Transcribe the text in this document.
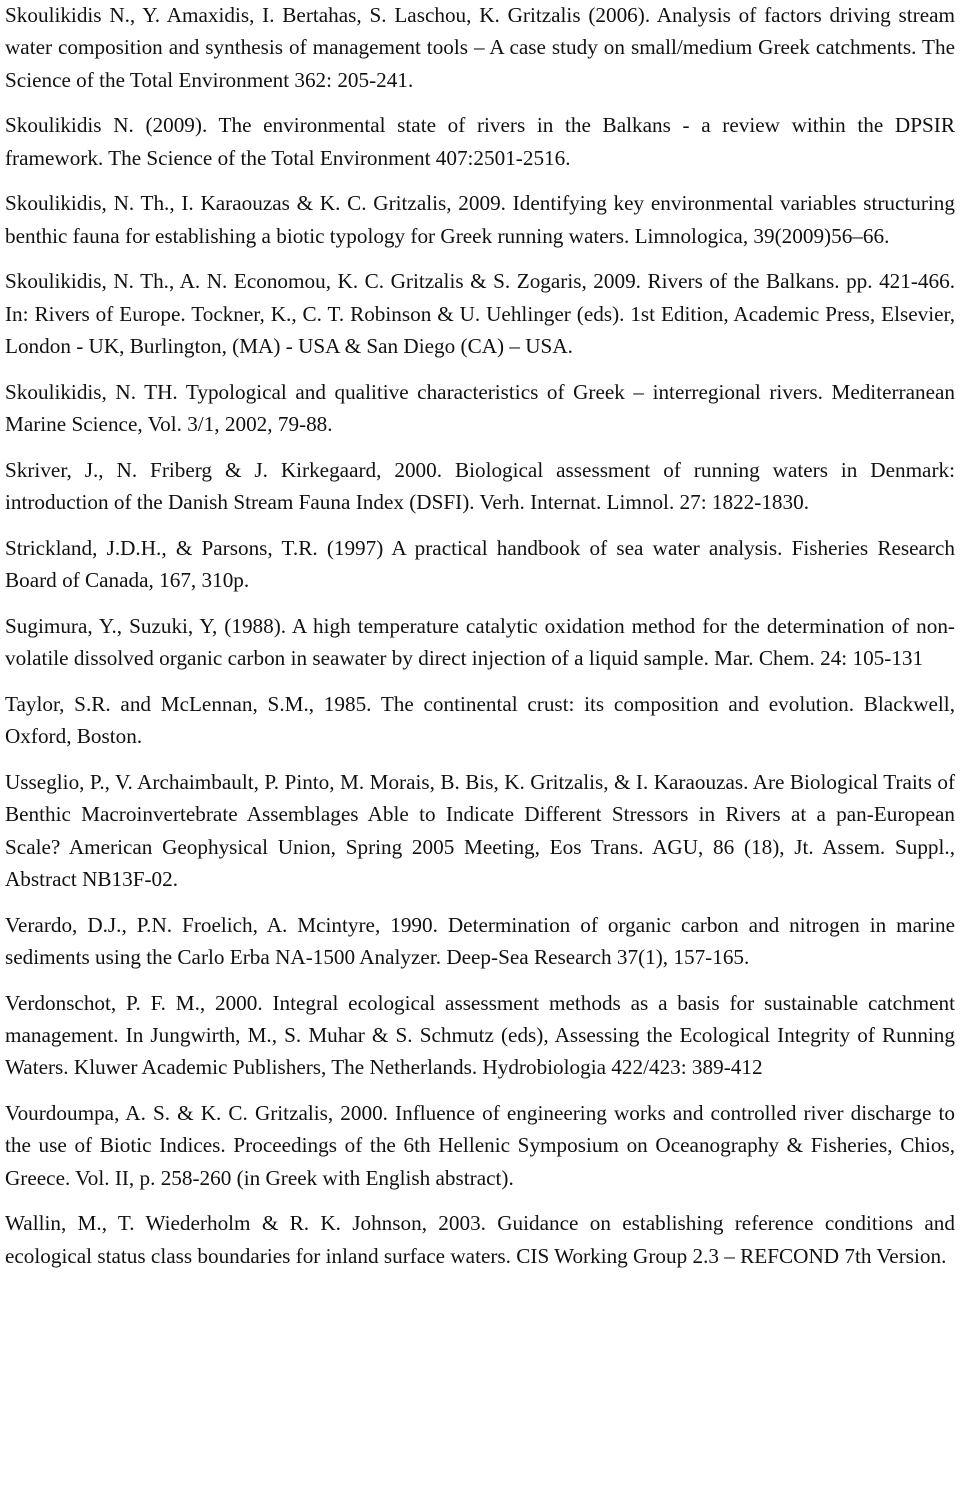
Skoulikidis N., Y. Amaxidis, I. Bertahas, S. Laschou, K. Gritzalis (2006). Analysis of factors driving stream water composition and synthesis of management tools – A case study on small/medium Greek catchments. The Science of the Total Environment 362: 205-241.

Skoulikidis N. (2009). The environmental state of rivers in the Balkans - a review within the DPSIR framework. The Science of the Total Environment 407:2501-2516.

Skoulikidis, N. Th., I. Karaouzas & K. C. Gritzalis, 2009. Identifying key environmental variables structuring benthic fauna for establishing a biotic typology for Greek running waters. Limnologica, 39(2009)56–66.

Skoulikidis, N. Th., A. N. Economou, K. C. Gritzalis & S. Zogaris, 2009. Rivers of the Balkans. pp. 421-466. In: Rivers of Europe. Tockner, K., C. T. Robinson & U. Uehlinger (eds). 1st Edition, Academic Press, Elsevier, London - UK, Burlington, (MA) - USA & San Diego (CA) – USA.

Skoulikidis, N. TH. Typological and qualitive characteristics of Greek – interregional rivers. Mediterranean Marine Science, Vol. 3/1, 2002, 79-88.

Skriver, J., N. Friberg & J. Kirkegaard, 2000. Biological assessment of running waters in Denmark: introduction of the Danish Stream Fauna Index (DSFI). Verh. Internat. Limnol. 27: 1822-1830.

Strickland, J.D.H., & Parsons, T.R. (1997) A practical handbook of sea water analysis. Fisheries Research Board of Canada, 167, 310p.

Sugimura, Y., Suzuki, Y, (1988). A high temperature catalytic oxidation method for the determination of non-volatile dissolved organic carbon in seawater by direct injection of a liquid sample. Mar. Chem. 24: 105-131

Taylor, S.R. and McLennan, S.M., 1985. The continental crust: its composition and evolution. Blackwell, Oxford, Boston.

Usseglio, P., V. Archaimbault, P. Pinto, M. Morais, B. Bis, K. Gritzalis, & I. Karaouzas. Are Biological Traits of Benthic Macroinvertebrate Assemblages Able to Indicate Different Stressors in Rivers at a pan-European Scale? American Geophysical Union, Spring 2005 Meeting, Eos Trans. AGU, 86 (18), Jt. Assem. Suppl., Abstract NB13F-02.

Verardo, D.J., P.N. Froelich, A. Mcintyre, 1990. Determination of organic carbon and nitrogen in marine sediments using the Carlo Erba NA-1500 Analyzer. Deep-Sea Research 37(1), 157-165.

Verdonschot, P. F. M., 2000. Integral ecological assessment methods as a basis for sustainable catchment management. In Jungwirth, M., S. Muhar & S. Schmutz (eds), Assessing the Ecological Integrity of Running Waters. Kluwer Academic Publishers, The Netherlands. Hydrobiologia 422/423: 389-412

Vourdoumpa, A. S. & K. C. Gritzalis, 2000. Influence of engineering works and controlled river discharge to the use of Biotic Indices. Proceedings of the 6th Hellenic Symposium on Oceanography & Fisheries, Chios, Greece. Vol. II, p. 258-260 (in Greek with English abstract).

Wallin, M., T. Wiederholm & R. K. Johnson, 2003. Guidance on establishing reference conditions and ecological status class boundaries for inland surface waters. CIS Working Group 2.3 – REFCOND 7th Version.
